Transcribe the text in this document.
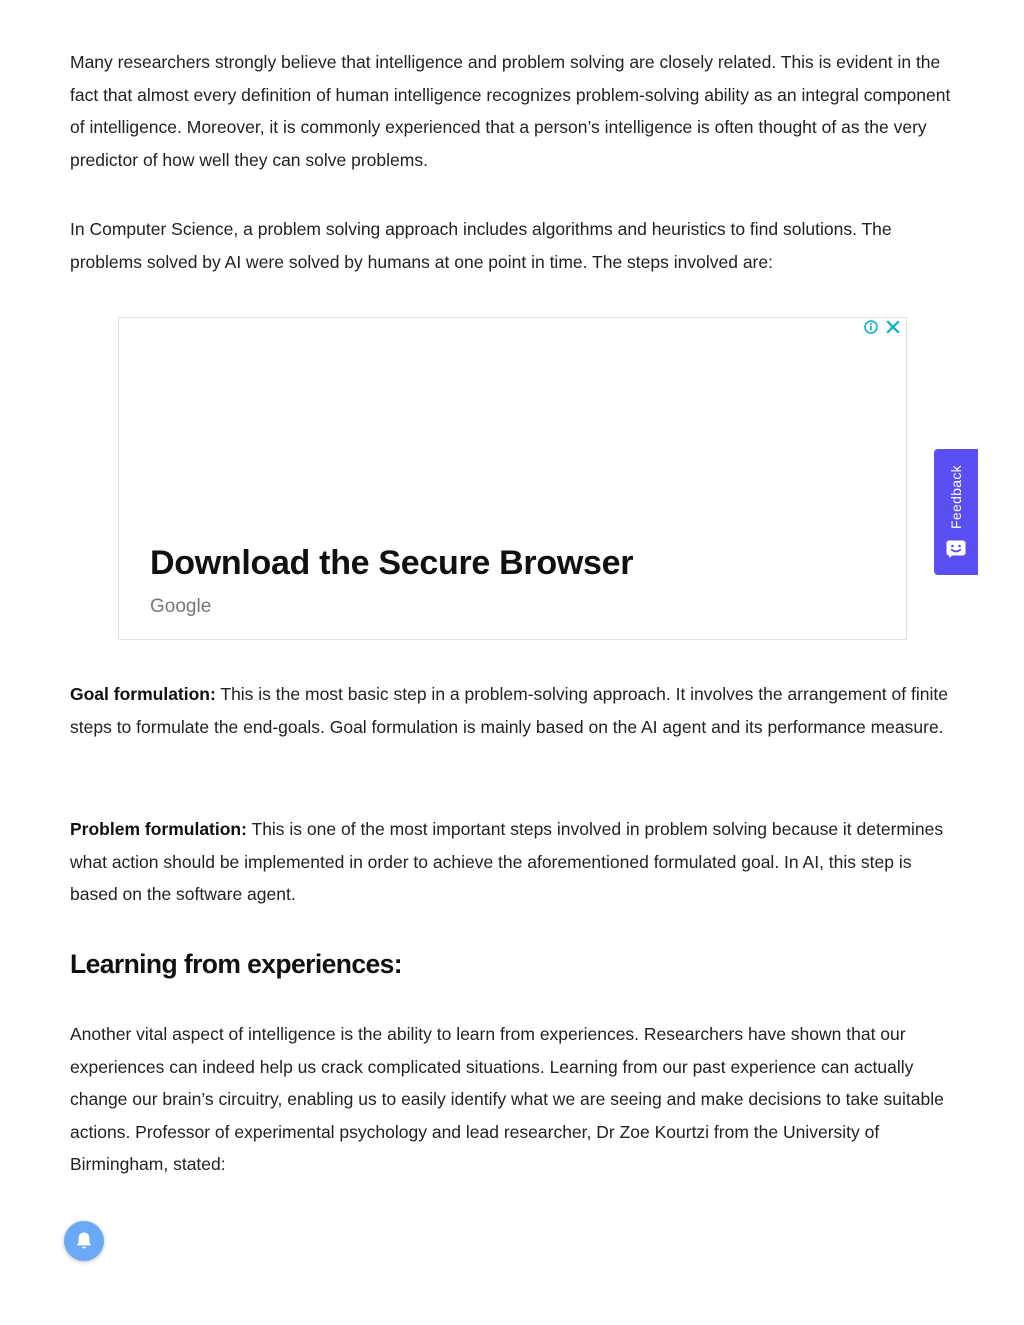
Many researchers strongly believe that intelligence and problem solving are closely related. This is evident in the fact that almost every definition of human intelligence recognizes problem-solving ability as an integral component of intelligence. Moreover, it is commonly experienced that a person’s intelligence is often thought of as the very predictor of how well they can solve problems.

In Computer Science, a problem solving approach includes algorithms and heuristics to find solutions. The problems solved by AI were solved by humans at one point in time. The steps involved are:

Goal formulation: This is the most basic step in a problem-solving approach. It involves the arrangement of finite steps to formulate the end-goals. Goal formulation is mainly based on the AI agent and its performance measure.

Problem formulation: This is one of the most important steps involved in problem solving because it determines what action should be implemented in order to achieve the aforementioned formulated goal. In AI, this step is based on the software agent.

Learning from experiences:

Another vital aspect of intelligence is the ability to learn from experiences. Researchers have shown that our experiences can indeed help us crack complicated situations. Learning from our past experience can actually change our brain’s circuitry, enabling us to easily identify what we are seeing and make decisions to take suitable actions. Professor of experimental psychology and lead researcher, Dr Zoe Kourtzi from the University of Birmingham, stated:

Download the Secure Browser
Google
Feedback
